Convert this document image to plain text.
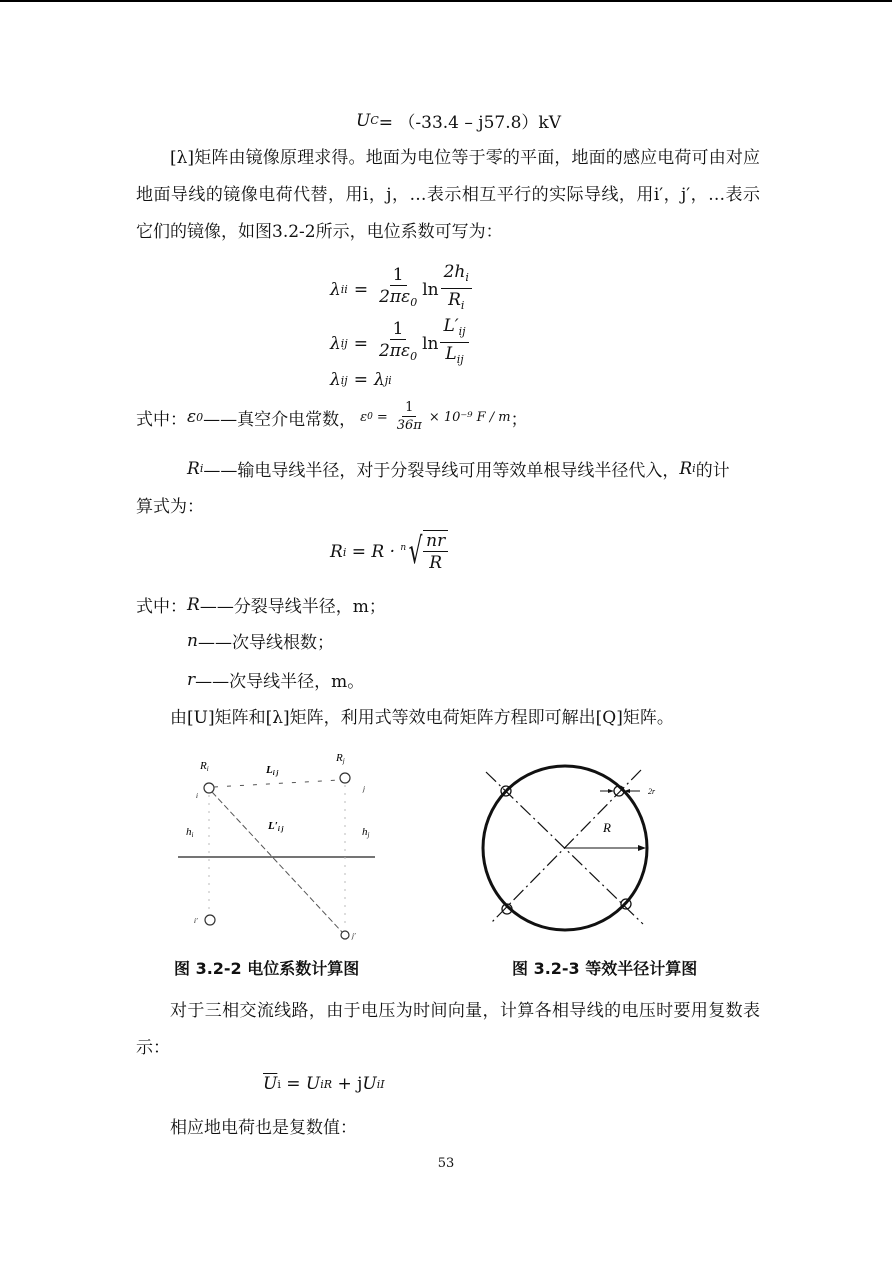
U C = （-33.4 – j57.8）kV

[λ]矩阵由镜像原理求得。地面为电位等于零的平面，地面的感应电荷可由对应地面导线的镜像电荷代替，用i，j，…表示相互平行的实际导线，用i′，j′，…表示它们的镜像，如图3.2-2所示，电位系数可写为：

λ ii = $\frac{1}{2\pi\varepsilon_0}$ $\ln \frac{2h_i}{R_i}$
λ ij = $\frac{1}{2\pi\varepsilon_0}$ $\ln \frac{L'_{ij}}{L_{ij}}$
λ ij = λ ji
式中： ε 0 ——真空介电常数， ε $0 = \frac{1}{36\pi} \times 10^{-9}$ F / m ；
R i ——输电导线半径，对于分裂导线可用等效单根导线半径代入， R i 的计
算式为：
R i = R · n √ $\frac{nr}{R}$
式中： R ——分裂导线半径，m；
n ——次导线根数；
r ——次导线半径，m。

由[U]矩阵和[λ]矩阵，利用式等效电荷矩阵方程即可解出[Q]矩阵。

Ri
Rj
Li j
L′i j
hi	hj
i
j
i′
j′
图 3.2-2 电位系数计算图
R
2r
图 3.2-3 等效半径计算图

对于三相交流线路，由于电压为时间向量，计算各相导线的电压时要用复数表示：

$\overline{U}$ i = U iR + j U iI

相应地电荷也是复数值：

53
